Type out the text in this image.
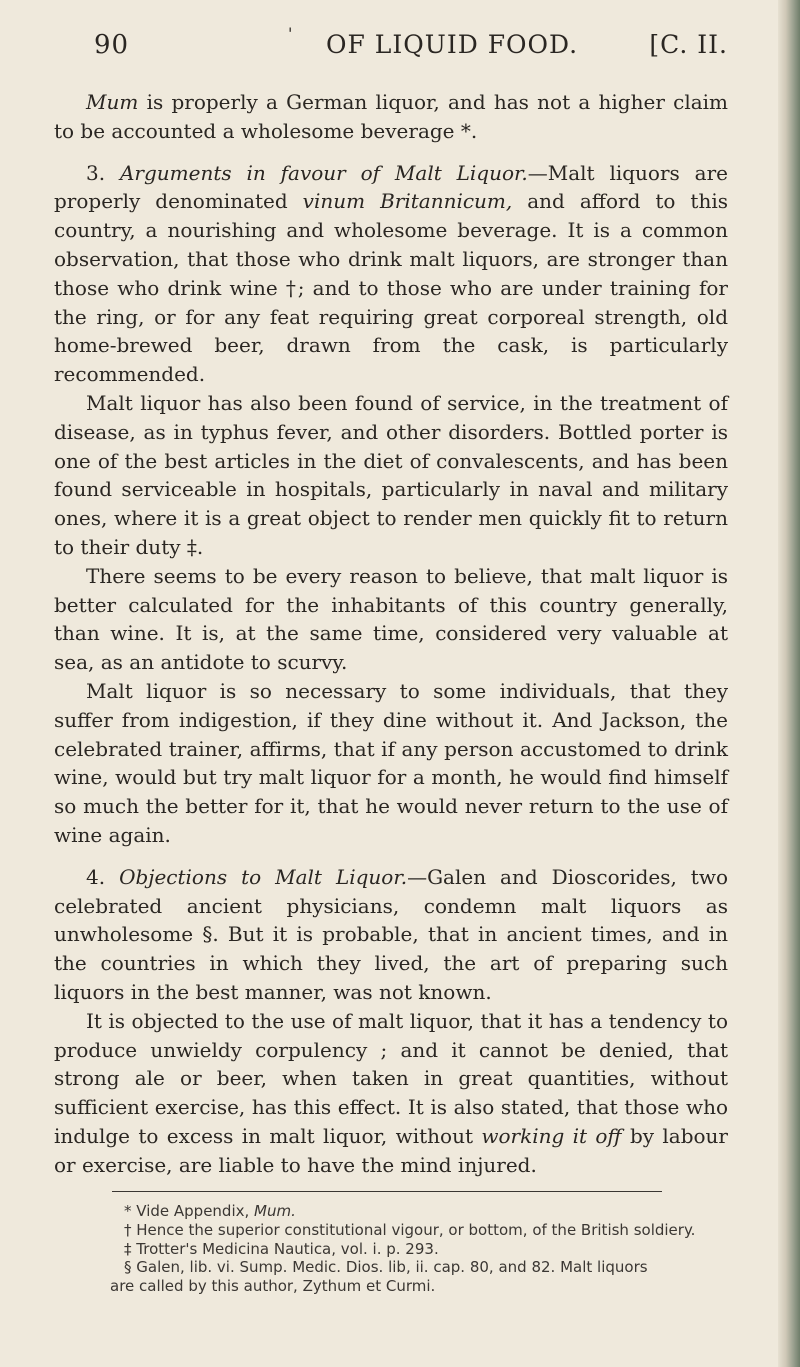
90	' OF LIQUID FOOD.	[C. II.

Mum is properly a German liquor, and has not a higher claim to be accounted a wholesome beverage *.

3. Arguments in favour of Malt Liquor.—Malt liquors are properly denominated vinum Britannicum, and afford to this country, a nourishing and wholesome beverage. It is a common observation, that those who drink malt liquors, are stronger than those who drink wine †; and to those who are under training for the ring, or for any feat requiring great corporeal strength, old home-brewed beer, drawn from the cask, is particularly recommended.

Malt liquor has also been found of service, in the treatment of disease, as in typhus fever, and other disorders. Bottled porter is one of the best articles in the diet of convalescents, and has been found serviceable in hospitals, particularly in naval and military ones, where it is a great object to render men quickly fit to return to their duty ‡.

There seems to be every reason to believe, that malt liquor is better calculated for the inhabitants of this country generally, than wine. It is, at the same time, considered very valuable at sea, as an antidote to scurvy.

Malt liquor is so necessary to some individuals, that they suffer from indigestion, if they dine without it. And Jackson, the celebrated trainer, affirms, that if any person accustomed to drink wine, would but try malt liquor for a month, he would find himself so much the better for it, that he would never return to the use of wine again.

4. Objections to Malt Liquor.—Galen and Dioscorides, two celebrated ancient physicians, condemn malt liquors as unwholesome §. But it is probable, that in ancient times, and in the countries in which they lived, the art of preparing such liquors in the best manner, was not known.

It is objected to the use of malt liquor, that it has a tendency to produce unwieldy corpulency ; and it cannot be denied, that strong ale or beer, when taken in great quantities, without sufficient exercise, has this effect. It is also stated, that those who indulge to excess in malt liquor, without working it off by labour or exercise, are liable to have the mind injured.

* Vide Appendix, Mum.
† Hence the superior constitutional vigour, or bottom, of the British soldiery.
‡ Trotter's Medicina Nautica, vol. i. p. 293.
§ Galen, lib. vi. Sump. Medic. Dios. lib, ii. cap. 80, and 82. Malt liquors
are called by this author, Zythum et Curmi.
